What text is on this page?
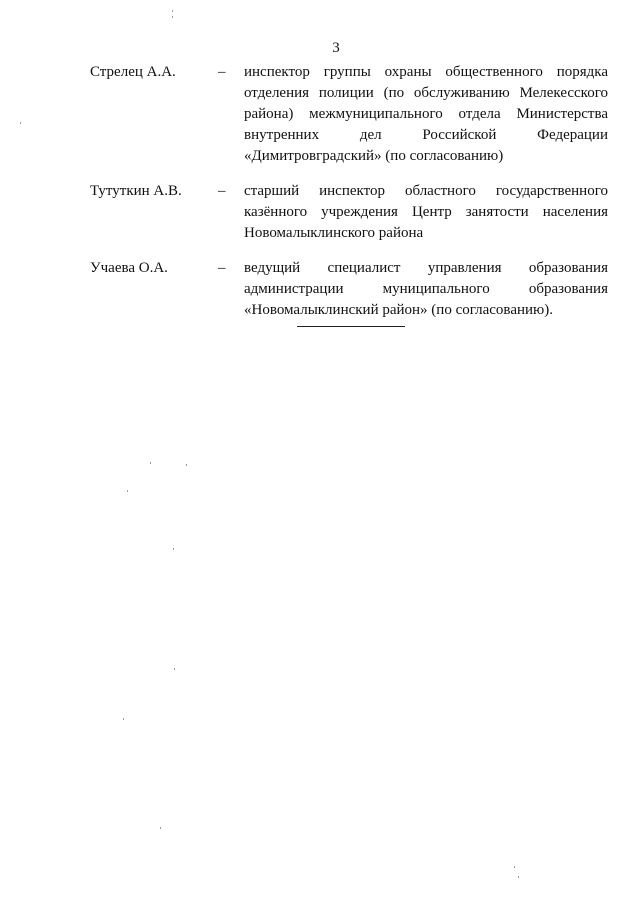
3
Стрелец А.А.	–	инспектор группы охраны общественного порядка отделения полиции (по обслуживанию Мелекесского района) межмуниципального отдела Министерства внутренних дел Российской Федерации «Димитровградский» (по согласованию)
Тутуткин А.В.	–	старший инспектор областного государственного казённого учреждения Центр занятости населения Новомалыклинского района
Учаева О.А.	–	ведущий специалист управления образования администрации муниципального образования «Новомалыклинский район» (по согласованию).
